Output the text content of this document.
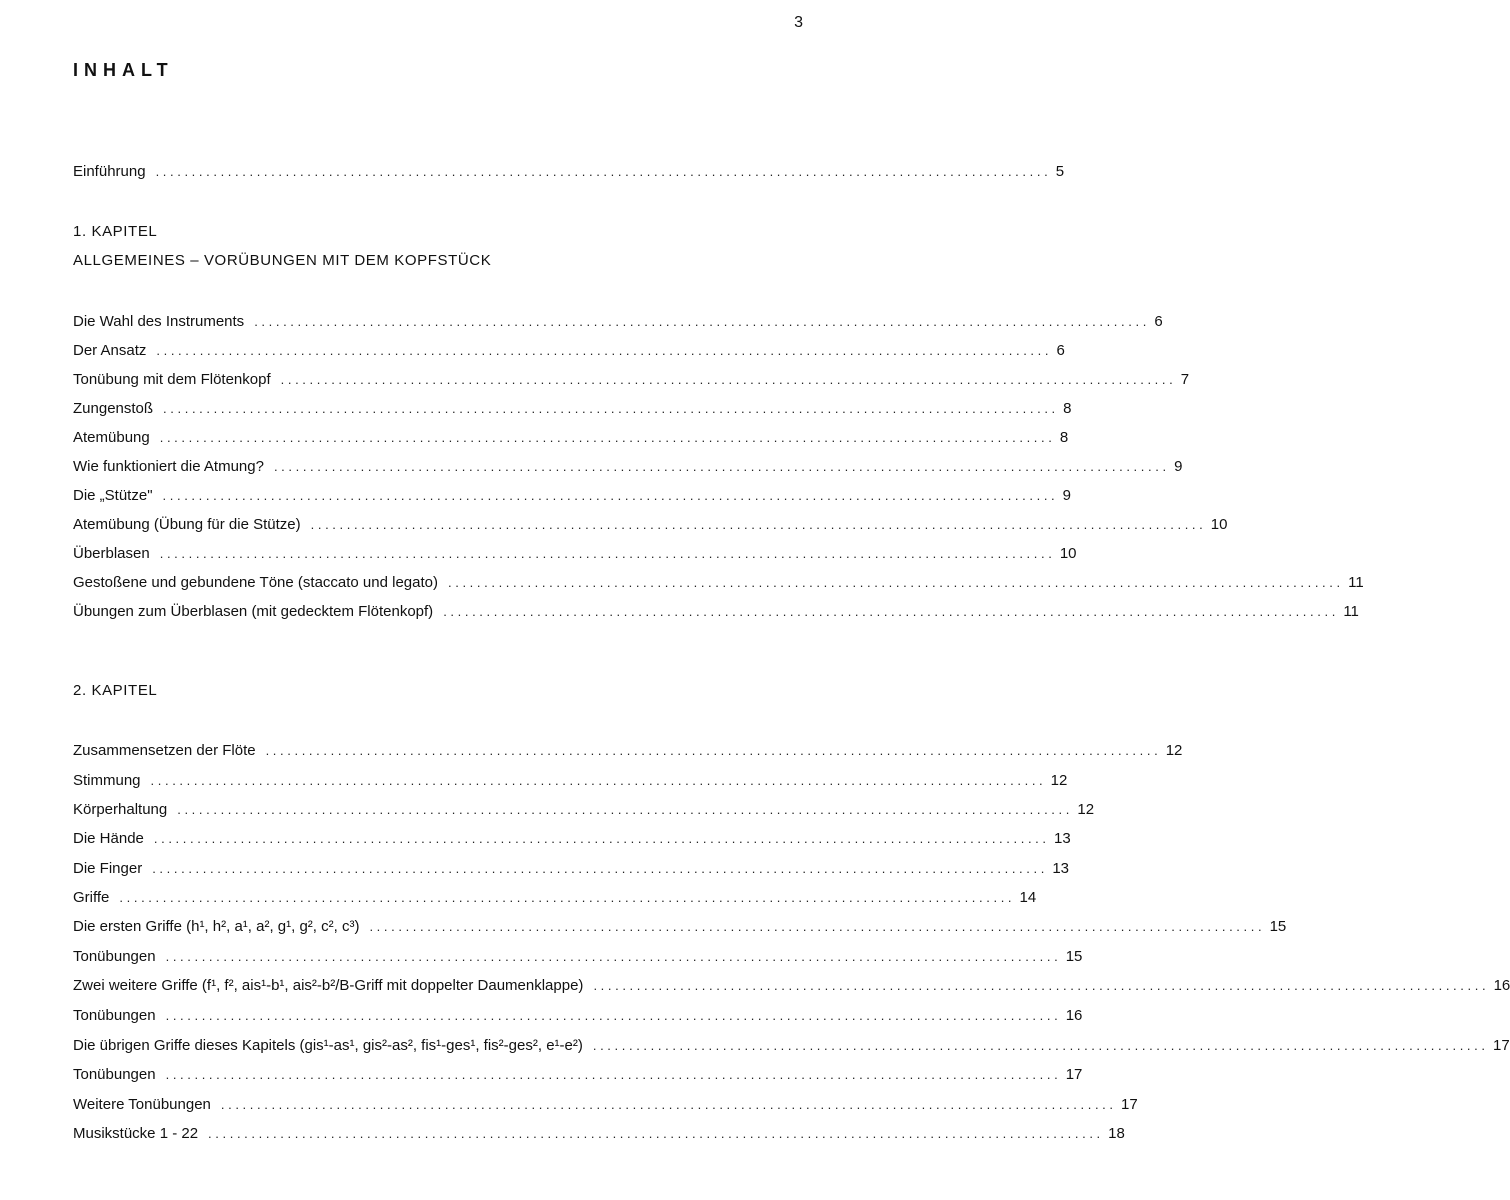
3
INHALT
Einführung . . .	5
1. KAPITEL
ALLGEMEINES – VORÜBUNGEN MIT DEM KOPFSTÜCK
Die Wahl des Instruments . . .	6
Der Ansatz . . .	6
Tonübung mit dem Flötenkopf . . .	7
Zungenstoß . . .	8
Atemübung . . .	8
Wie funktioniert die Atmung? . . .	9
Die „Stütze" . . .	9
Atemübung (Übung für die Stütze) . . .	10
Überblasen . . .	10
Gestoßene und gebundene Töne (staccato und legato) . . .	11
Übungen zum Überblasen (mit gedecktem Flötenkopf) . . .	11
2. KAPITEL
Zusammensetzen der Flöte . . .	12
Stimmung . . .	12
Körperhaltung . . .	12
Die Hände . . .	13
Die Finger . . .	13
Griffe . . .	14
Die ersten Griffe (h¹, h², a¹, a², g¹, g², c², c³) . . .	15
Tonübungen . . .	15
Zwei weitere Griffe (f¹, f², ais¹-b¹, ais²-b²/B-Griff mit doppelter Daumenklappe) . . .	16
Tonübungen . . .	16
Die übrigen Griffe dieses Kapitels (gis¹-as¹, gis²-as², fis¹-ges¹, fis²-ges², e¹-e²) . . .	17
Tonübungen . . .	17
Weitere Tonübungen . . .	17
Musikstücke 1 - 22 . . .	18
